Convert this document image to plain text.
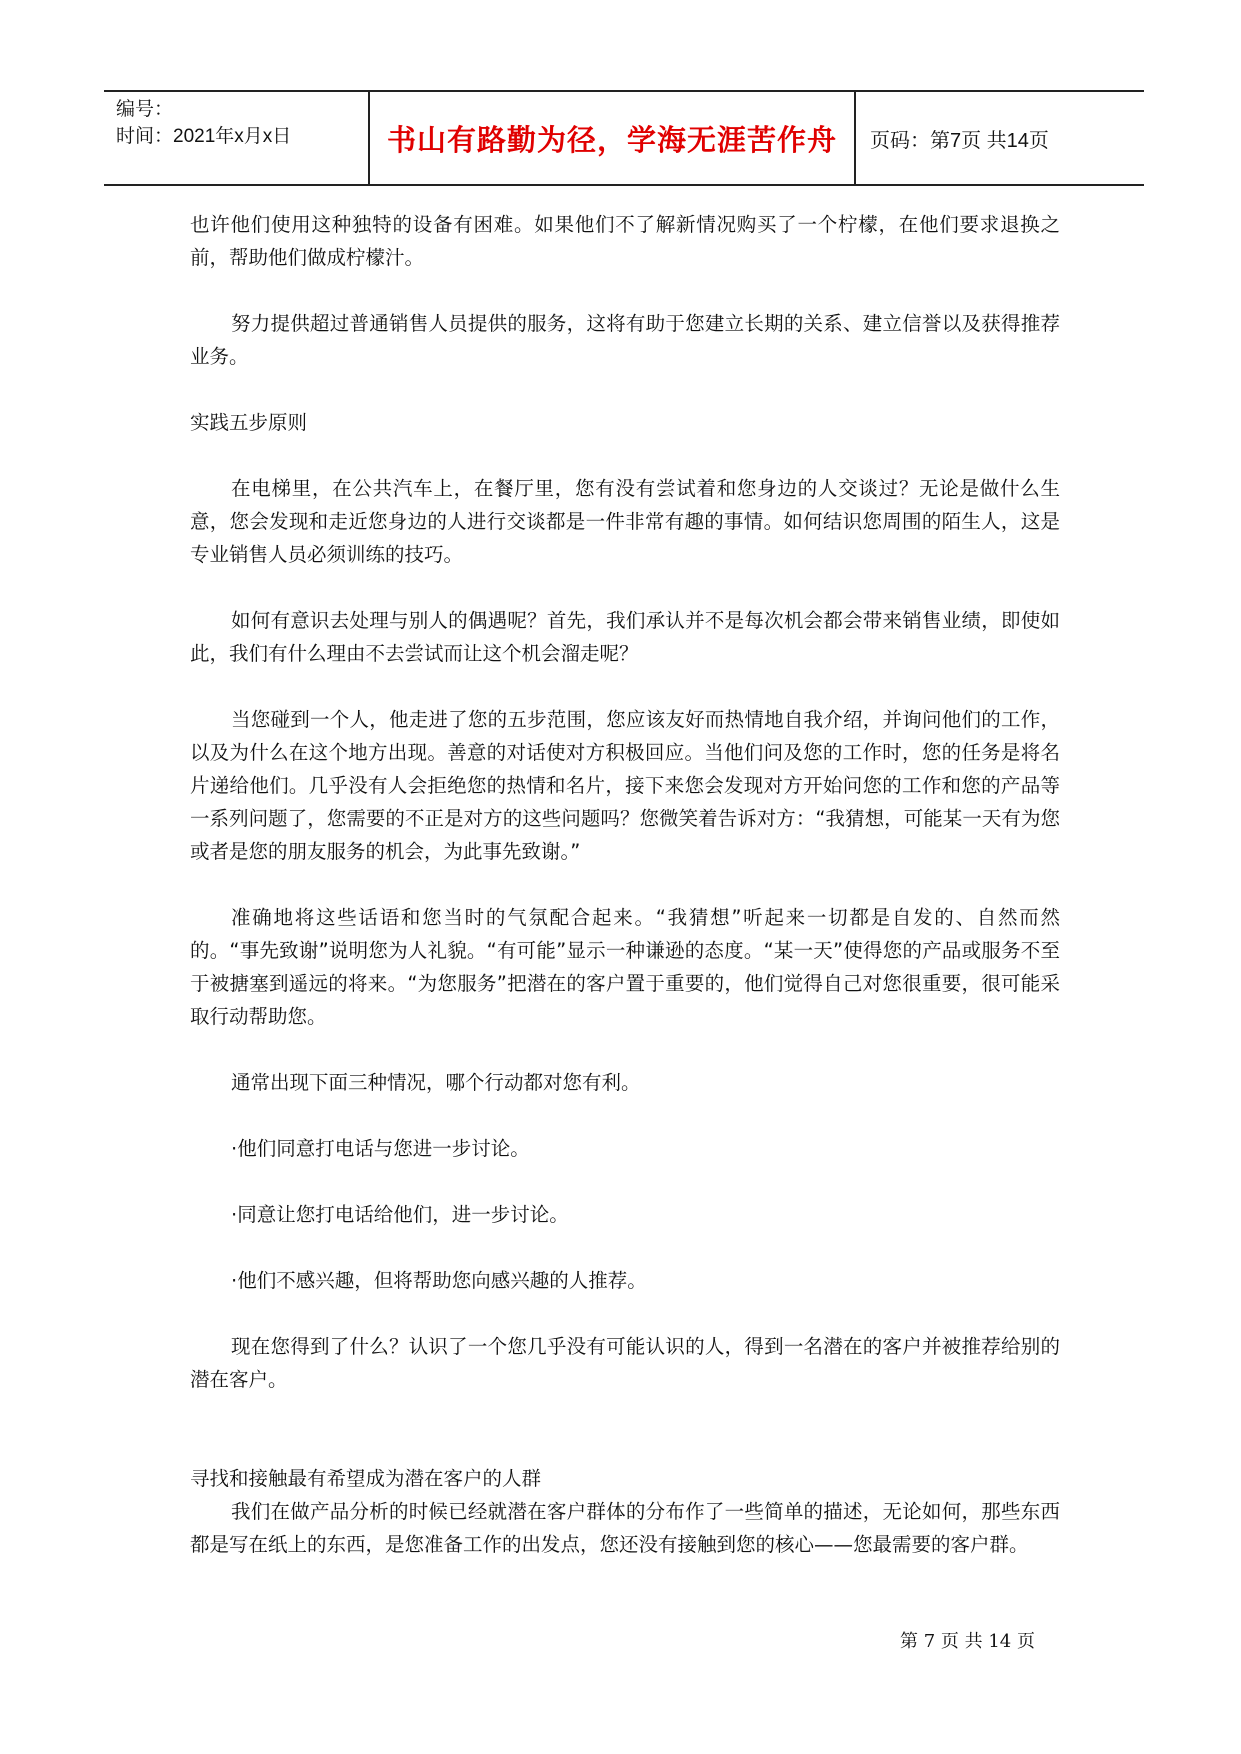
编号：
时间：2021年x月x日	书山有路勤为径，学海无涯苦作舟	页码：第7页 共14页

也许他们使用这种独特的设备有困难。如果他们不了解新情况购买了一个柠檬，在他们要求退换之前，帮助他们做成柠檬汁。

努力提供超过普通销售人员提供的服务，这将有助于您建立长期的关系、建立信誉以及获得推荐业务。

实践五步原则

在电梯里，在公共汽车上，在餐厅里，您有没有尝试着和您身边的人交谈过？无论是做什么生意，您会发现和走近您身边的人进行交谈都是一件非常有趣的事情。如何结识您周围的陌生人，这是专业销售人员必须训练的技巧。

如何有意识去处理与别人的偶遇呢？首先，我们承认并不是每次机会都会带来销售业绩，即使如此，我们有什么理由不去尝试而让这个机会溜走呢？

当您碰到一个人，他走进了您的五步范围，您应该友好而热情地自我介绍，并询问他们的工作，以及为什么在这个地方出现。善意的对话使对方积极回应。当他们问及您的工作时，您的任务是将名片递给他们。几乎没有人会拒绝您的热情和名片，接下来您会发现对方开始问您的工作和您的产品等一系列问题了，您需要的不正是对方的这些问题吗？您微笑着告诉对方：“我猜想，可能某一天有为您或者是您的朋友服务的机会，为此事先致谢。”

准确地将这些话语和您当时的气氛配合起来。“我猜想”听起来一切都是自发的、自然而然的。“事先致谢”说明您为人礼貌。“有可能”显示一种谦逊的态度。“某一天”使得您的产品或服务不至于被搪塞到遥远的将来。“为您服务”把潜在的客户置于重要的，他们觉得自己对您很重要，很可能采取行动帮助您。

通常出现下面三种情况，哪个行动都对您有利。

·他们同意打电话与您进一步讨论。

·同意让您打电话给他们，进一步讨论。

·他们不感兴趣，但将帮助您向感兴趣的人推荐。

现在您得到了什么？认识了一个您几乎没有可能认识的人，得到一名潜在的客户并被推荐给别的潜在客户。

寻找和接触最有希望成为潜在客户的人群

我们在做产品分析的时候已经就潜在客户群体的分布作了一些简单的描述，无论如何，那些东西都是写在纸上的东西，是您准备工作的出发点，您还没有接触到您的核心——您最需要的客户群。

第 7 页 共 14 页
